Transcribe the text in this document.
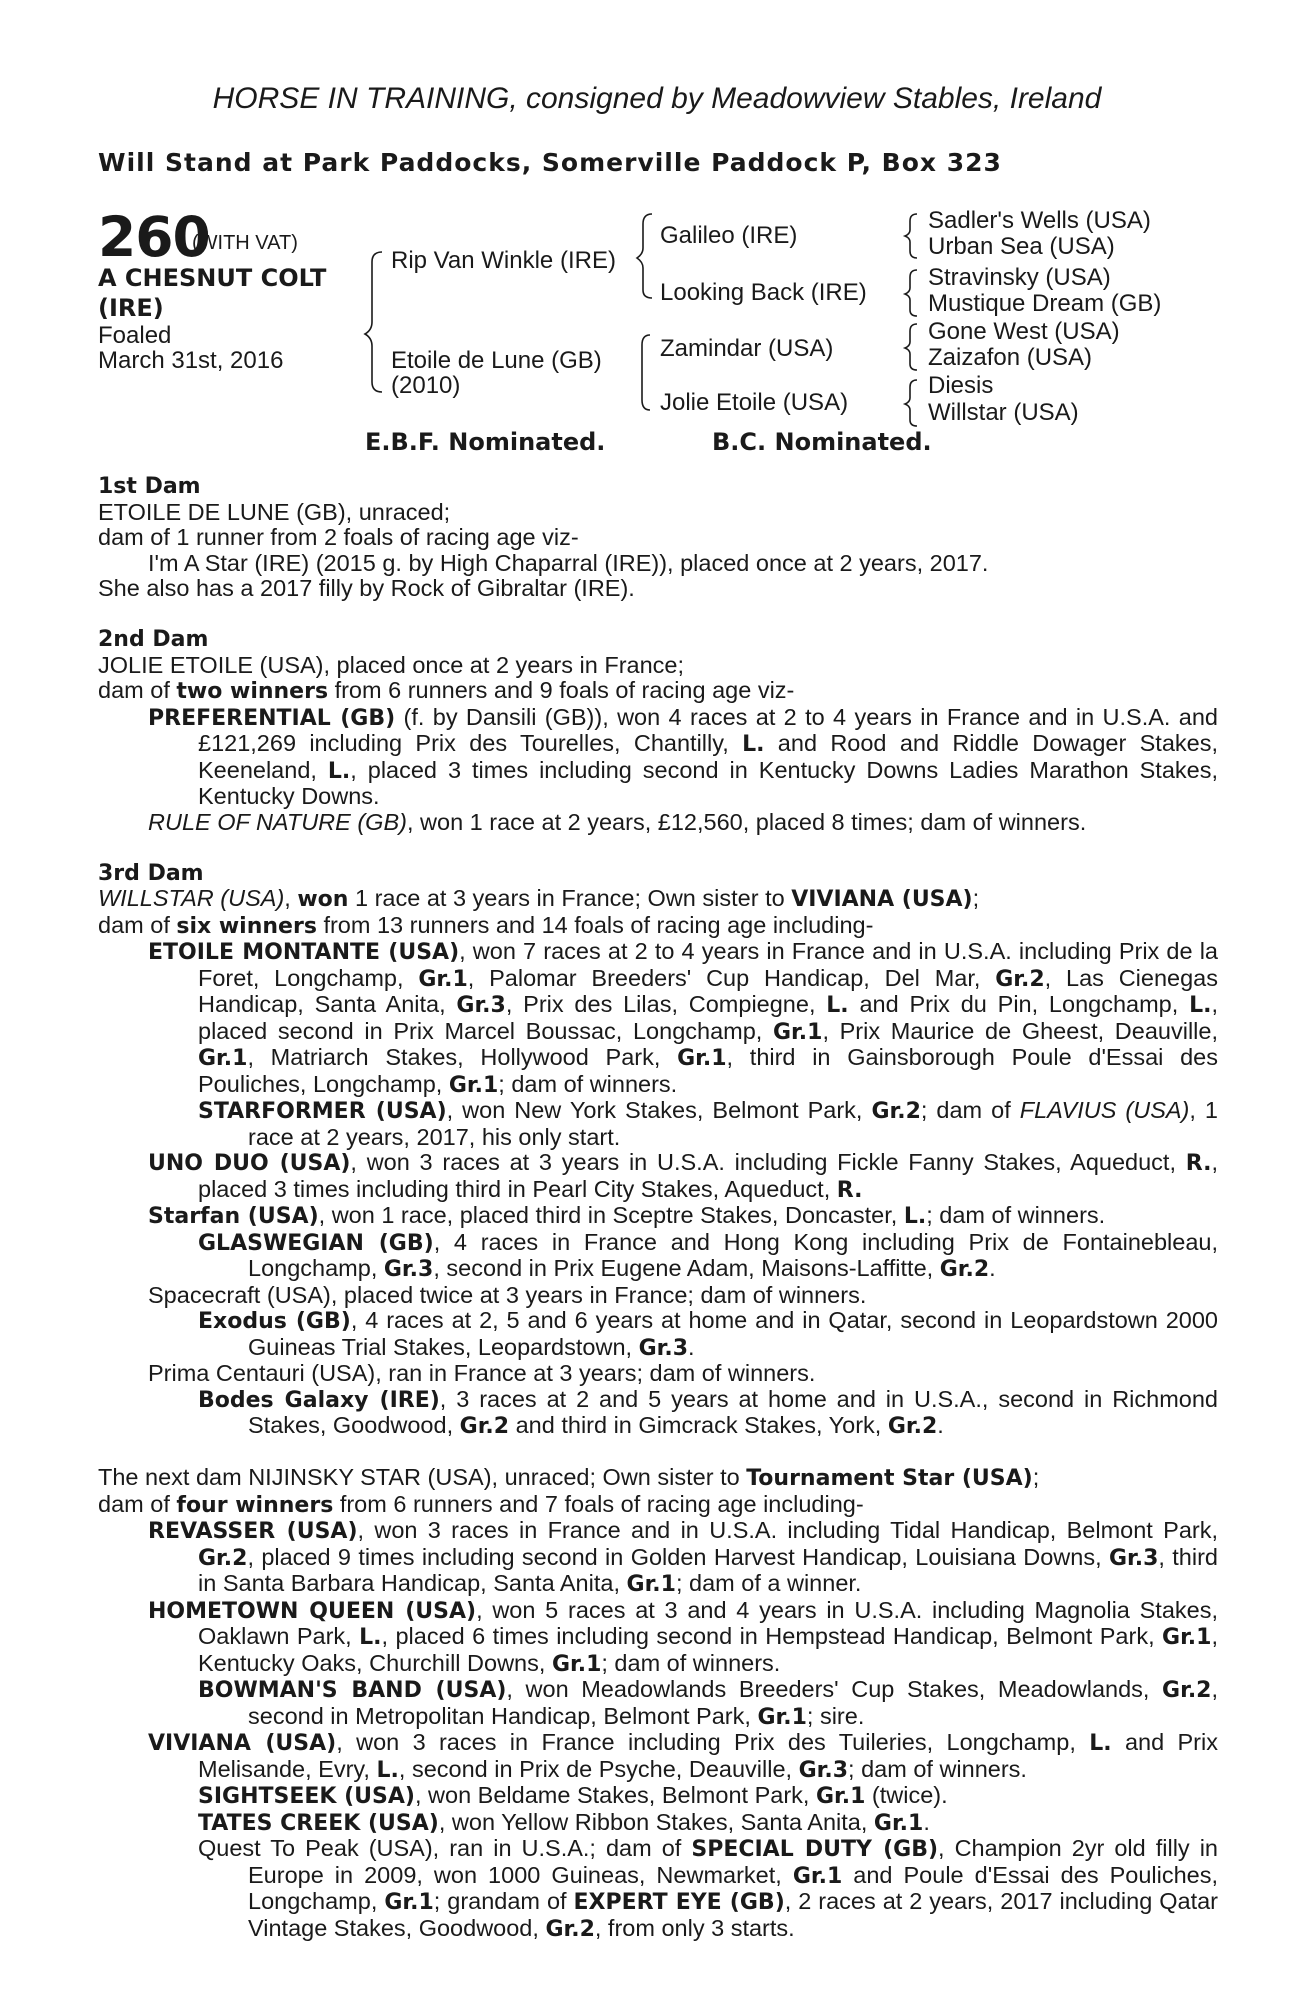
HORSE IN TRAINING, consigned by Meadowview Stables, Ireland
Will Stand at Park Paddocks, Somerville Paddock P, Box 323
260
(WITH VAT)
A CHESNUT COLT
(IRE)
Foaled
March 31st, 2016
Rip Van Winkle (IRE)
Etoile de Lune (GB)
(2010)
Galileo (IRE)
Looking Back (IRE)
Zamindar (USA)
Jolie Etoile (USA)
Sadler's Wells (USA)
Urban Sea (USA)
Stravinsky (USA)
Mustique Dream (GB)
Gone West (USA)
Zaizafon (USA)
Diesis
Willstar (USA)
E.B.F. Nominated.	B.C. Nominated.

1st Dam

ETOILE DE LUNE (GB), unraced;

dam of 1 runner from 2 foals of racing age viz-

I'm A Star (IRE) (2015 g. by High Chaparral (IRE)), placed once at 2 years, 2017.

She also has a 2017 filly by Rock of Gibraltar (IRE).

2nd Dam

JOLIE ETOILE (USA), placed once at 2 years in France;

dam of two winners from 6 runners and 9 foals of racing age viz-

PREFERENTIAL (GB) (f. by Dansili (GB)), won 4 races at 2 to 4 years in France and in U.S.A. and £121,269 including Prix des Tourelles, Chantilly, L. and Rood and Riddle Dowager Stakes, Keeneland, L., placed 3 times including second in Kentucky Downs Ladies Marathon Stakes, Kentucky Downs.

RULE OF NATURE (GB), won 1 race at 2 years, £12,560, placed 8 times; dam of winners.

3rd Dam

WILLSTAR (USA), won 1 race at 3 years in France; Own sister to VIVIANA (USA);

dam of six winners from 13 runners and 14 foals of racing age including-

ETOILE MONTANTE (USA), won 7 races at 2 to 4 years in France and in U.S.A. including Prix de la Foret, Longchamp, Gr.1, Palomar Breeders' Cup Handicap, Del Mar, Gr.2, Las Cienegas Handicap, Santa Anita, Gr.3, Prix des Lilas, Compiegne, L. and Prix du Pin, Longchamp, L., placed second in Prix Marcel Boussac, Longchamp, Gr.1, Prix Maurice de Gheest, Deauville, Gr.1, Matriarch Stakes, Hollywood Park, Gr.1, third in Gainsborough Poule d'Essai des Pouliches, Longchamp, Gr.1; dam of winners.

STARFORMER (USA), won New York Stakes, Belmont Park, Gr.2; dam of FLAVIUS (USA), 1 race at 2 years, 2017, his only start.

UNO DUO (USA), won 3 races at 3 years in U.S.A. including Fickle Fanny Stakes, Aqueduct, R., placed 3 times including third in Pearl City Stakes, Aqueduct, R.

Starfan (USA), won 1 race, placed third in Sceptre Stakes, Doncaster, L.; dam of winners.

GLASWEGIAN (GB), 4 races in France and Hong Kong including Prix de Fontainebleau, Longchamp, Gr.3, second in Prix Eugene Adam, Maisons-Laffitte, Gr.2.

Spacecraft (USA), placed twice at 3 years in France; dam of winners.

Exodus (GB), 4 races at 2, 5 and 6 years at home and in Qatar, second in Leopardstown 2000 Guineas Trial Stakes, Leopardstown, Gr.3.

Prima Centauri (USA), ran in France at 3 years; dam of winners.

Bodes Galaxy (IRE), 3 races at 2 and 5 years at home and in U.S.A., second in Richmond Stakes, Goodwood, Gr.2 and third in Gimcrack Stakes, York, Gr.2.

The next dam NIJINSKY STAR (USA), unraced; Own sister to Tournament Star (USA);

dam of four winners from 6 runners and 7 foals of racing age including-

REVASSER (USA), won 3 races in France and in U.S.A. including Tidal Handicap, Belmont Park, Gr.2, placed 9 times including second in Golden Harvest Handicap, Louisiana Downs, Gr.3, third in Santa Barbara Handicap, Santa Anita, Gr.1; dam of a winner.

HOMETOWN QUEEN (USA), won 5 races at 3 and 4 years in U.S.A. including Magnolia Stakes, Oaklawn Park, L., placed 6 times including second in Hempstead Handicap, Belmont Park, Gr.1, Kentucky Oaks, Churchill Downs, Gr.1; dam of winners.

BOWMAN'S BAND (USA), won Meadowlands Breeders' Cup Stakes, Meadowlands, Gr.2, second in Metropolitan Handicap, Belmont Park, Gr.1; sire.

VIVIANA (USA), won 3 races in France including Prix des Tuileries, Longchamp, L. and Prix Melisande, Evry, L., second in Prix de Psyche, Deauville, Gr.3; dam of winners.

SIGHTSEEK (USA), won Beldame Stakes, Belmont Park, Gr.1 (twice).

TATES CREEK (USA), won Yellow Ribbon Stakes, Santa Anita, Gr.1.

Quest To Peak (USA), ran in U.S.A.; dam of SPECIAL DUTY (GB), Champion 2yr old filly in Europe in 2009, won 1000 Guineas, Newmarket, Gr.1 and Poule d'Essai des Pouliches, Longchamp, Gr.1; grandam of EXPERT EYE (GB), 2 races at 2 years, 2017 including Qatar Vintage Stakes, Goodwood, Gr.2, from only 3 starts.
